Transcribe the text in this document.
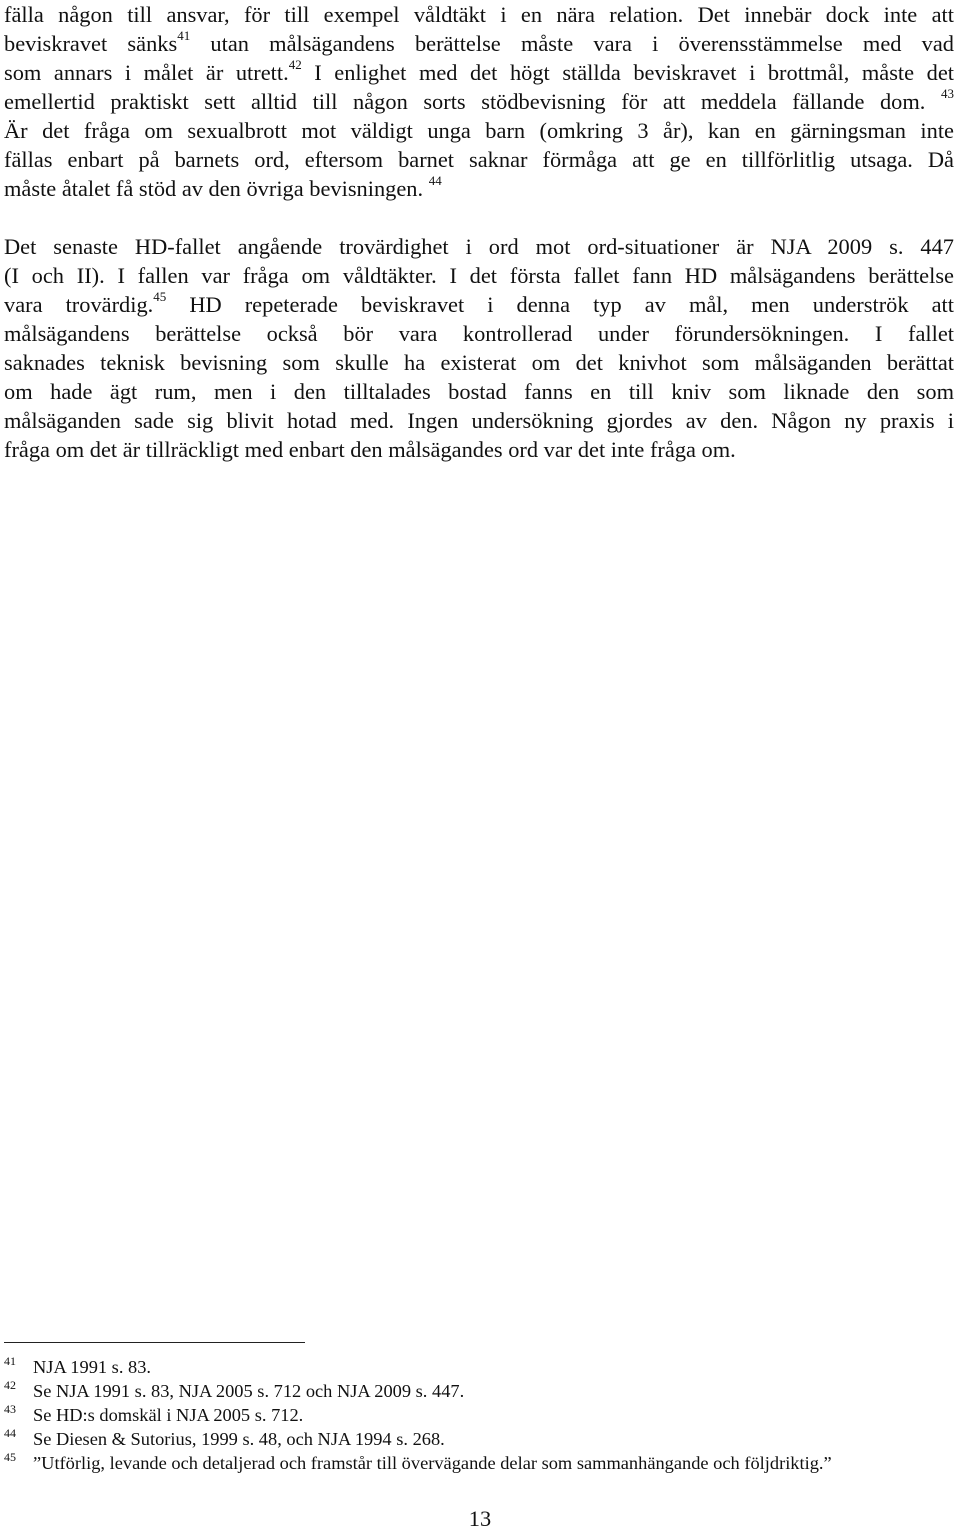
fälla någon till ansvar, för till exempel våldtäkt i en nära relation. Det innebär dock inte att
beviskravet sänks$^{41}$ utan målsägandens berättelse måste vara i överensstämmelse med vad
som annars i målet är utrett.$^{42}$ I enlighet med det högt ställda beviskravet i brottmål, måste det
emellertid praktiskt sett alltid till någon sorts stödbevisning för att meddela fällande dom. $^{43}$
Är det fråga om sexualbrott mot väldigt unga barn (omkring 3 år), kan en gärningsman inte
fällas enbart på barnets ord, eftersom barnet saknar förmåga att ge en tillförlitlig utsaga. Då
måste åtalet få stöd av den övriga bevisningen. $^{44}$
Det senaste HD-fallet angående trovärdighet i ord mot ord-situationer är NJA 2009 s. 447
(I och II). I fallen var fråga om våldtäkter. I det första fallet fann HD målsägandens berättelse
vara trovärdig.$^{45}$ HD repeterade beviskravet i denna typ av mål, men underströk att
målsägandens berättelse också bör vara kontrollerad under förundersökningen. I fallet
saknades teknisk bevisning som skulle ha existerat om det knivhot som målsäganden berättat
om hade ägt rum, men i den tilltalades bostad fanns en till kniv som liknade den som
målsäganden sade sig blivit hotad med. Ingen undersökning gjordes av den. Någon ny praxis i
fråga om det är tillräckligt med enbart den målsägandes ord var det inte fråga om.
41 NJA 1991 s. 83.
42 Se NJA 1991 s. 83, NJA 2005 s. 712 och NJA 2009 s. 447.
43 Se HD:s domskäl i NJA 2005 s. 712.
44 Se Diesen & Sutorius, 1999 s. 48, och NJA 1994 s. 268.
45 ”Utförlig, levande och detaljerad och framstår till övervägande delar som sammanhängande och följdriktig.”
13
